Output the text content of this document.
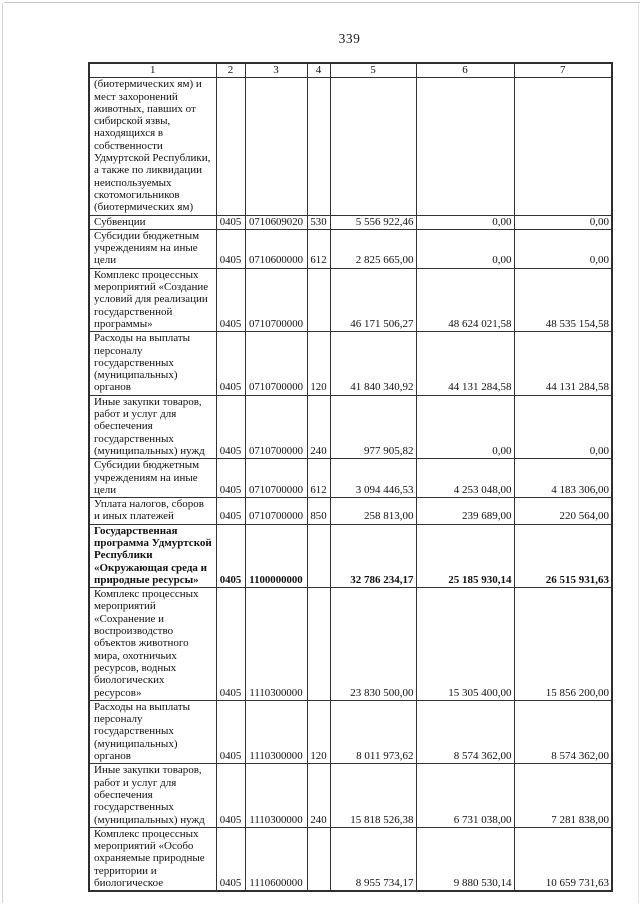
339
1	2	3	4	5	6	7
(биотермических ям) и мест захоронений животных, павших от сибирской язвы, находящихся в собственности Удмуртской Республики, а также по ликвидации неиспользуемых скотомогильников (биотермических ям)						
Субвенции	0405	0710609020	530	5 556 922,46	0,00	0,00
Субсидии бюджетным учреждениям на иные цели	0405	0710600000	612	2 825 665,00	0,00	0,00
Комплекс процессных мероприятий «Создание условий для реализации государственной программы»	0405	0710700000		46 171 506,27	48 624 021,58	48 535 154,58
Расходы на выплаты персоналу государственных (муниципальных) органов	0405	0710700000	120	41 840 340,92	44 131 284,58	44 131 284,58
Иные закупки товаров, работ и услуг для обеспечения государственных (муниципальных) нужд	0405	0710700000	240	977 905,82	0,00	0,00
Субсидии бюджетным учреждениям на иные цели	0405	0710700000	612	3 094 446,53	4 253 048,00	4 183 306,00
Уплата налогов, сборов и иных платежей	0405	0710700000	850	258 813,00	239 689,00	220 564,00
Государственная программа Удмуртской Республики «Окружающая среда и природные ресурсы»	0405	1100000000		32 786 234,17	25 185 930,14	26 515 931,63
Комплекс процессных мероприятий «Сохранение и воспроизводство объектов животного мира, охотничьих ресурсов, водных биологических ресурсов»	0405	1110300000		23 830 500,00	15 305 400,00	15 856 200,00
Расходы на выплаты персоналу государственных (муниципальных) органов	0405	1110300000	120	8 011 973,62	8 574 362,00	8 574 362,00
Иные закупки товаров, работ и услуг для обеспечения государственных (муниципальных) нужд	0405	1110300000	240	15 818 526,38	6 731 038,00	7 281 838,00
Комплекс процессных мероприятий «Особо охраняемые природные территории и биологическое	0405	1110600000		8 955 734,17	9 880 530,14	10 659 731,63
